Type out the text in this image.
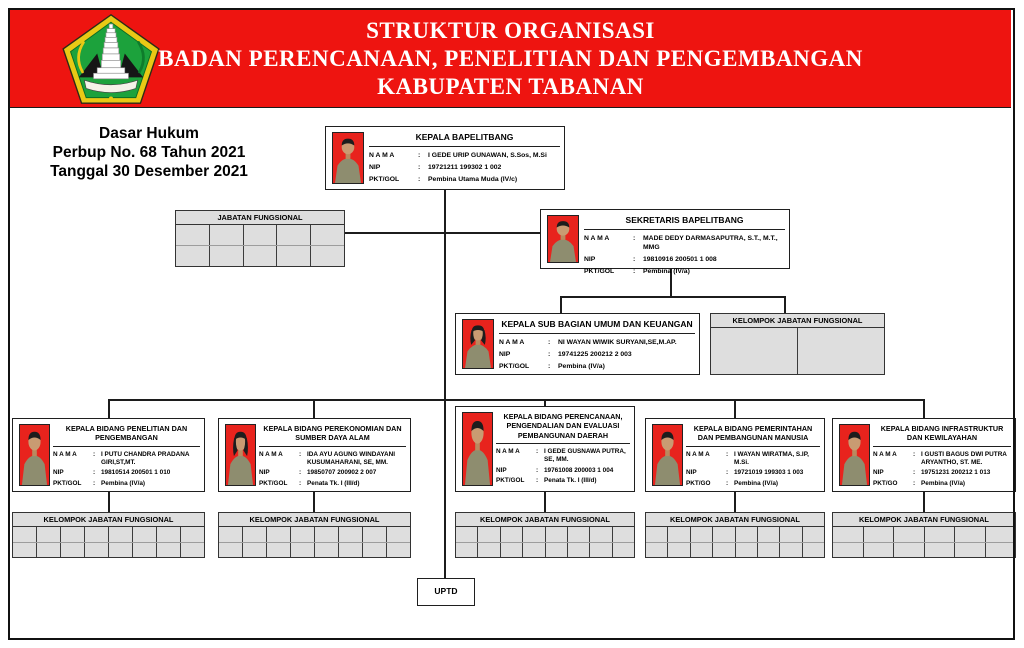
STRUKTUR ORGANISASI
BADAN PERENCANAAN, PENELITIAN DAN PENGEMBANGAN
KABUPATEN TABANAN
Dasar Hukum
Perbup No. 68 Tahun 2021
Tanggal 30 Desember 2021
KEPALA BAPELITBANG
N A M A	:	I GEDE URIP GUNAWAN, S.Sos, M.Si
NIP	:	19721211 199302 1 002
PKT/GOL	:	Pembina Utama Muda (IV/c)
JABATAN FUNGSIONAL	SEKRETARIS BAPELITBANG
N A M A	:	MADE DEDY DARMASAPUTRA, S.T., M.T., MMG
NIP	:	19810916 200501 1 008
PKT/GOL	:	Pembina (IV/a)
KEPALA SUB BAGIAN UMUM DAN KEUANGAN
N A M A	:	NI WAYAN WIWIK SURYANI,SE,M.AP.
NIP	:	19741225 200212 2 003
PKT/GOL	:	Pembina (IV/a)
KELOMPOK JABATAN FUNGSIONAL
KEPALA BIDANG PENELITIAN DAN PENGEMBANGAN
N A M A	: I PUTU CHANDRA PRADANA GIRI,ST,MT.
NIP	: 19810514 200501 1 010
PKT/GOL	: Pembina (IV/a)
KEPALA BIDANG PEREKONOMIAN DAN SUMBER DAYA ALAM
N A M A	: IDA AYU AGUNG WINDAYANI KUSUMAHARANI, SE, MM.
NIP	: 19850707 200902 2 007
PKT/GOL	: Penata Tk. I (III/d)
KEPALA BIDANG PERENCANAAN, PENGENDALIAN DAN EVALUASI PEMBANGUNAN DAERAH
N A M A	: I GEDE GUSNAWA PUTRA, SE, MM.
NIP	: 19761008 200003 1 004
PKT/GOL	: Penata Tk. I (III/d)
KEPALA BIDANG PEMERINTAHAN DAN PEMBANGUNAN MANUSIA
N A M A	: I WAYAN WIRATMA, S.IP, M.Si.
NIP	: 19721019 199303 1 003
PKT/GO	: Pembina (IV/a)
KEPALA BIDANG INFRASTRUKTUR DAN KEWILAYAHAN
N A M A	: I GUSTI BAGUS DWI PUTRA ARYANTHO, ST. ME.
NIP	: 19751231 200212 1 013
PKT/GO	: Pembina (IV/a)
KELOMPOK JABATAN FUNGSIONAL	KELOMPOK JABATAN FUNGSIONAL	KELOMPOK JABATAN FUNGSIONAL	KELOMPOK JABATAN FUNGSIONAL	KELOMPOK JABATAN FUNGSIONAL
UPTD
